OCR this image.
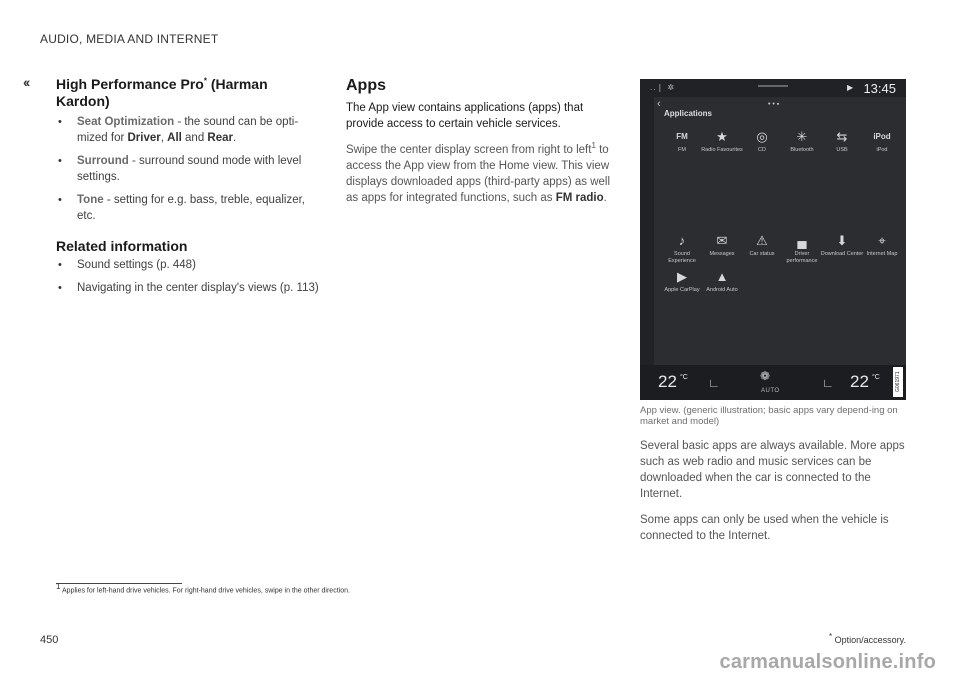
AUDIO, MEDIA AND INTERNET
‹‹ High Performance Pro* (Harman Kardon)
• Seat Optimization - the sound can be opti-mized for Driver, All and Rear.
• Surround - surround sound mode with level settings.
• Tone - setting for e.g. bass, treble, equalizer, etc.
Related information
• Sound settings (p. 448)
• Navigating in the center display's views (p. 113)
Apps

The App view contains applications (apps) that provide access to certain vehicle services.

Swipe the center display screen from right to left$^1$ to access the App view from the Home view. This view displays downloaded apps (third-party apps) as well as apps for integrated functions, such as FM radio.

..❘ ✲	▶ 13:45
‹	• • ▪
Applications
FM
FM
★
Radio Favourites
◎
CD
✳
Bluetooth
⇆
USB
iPod
iPod
♪
Sound Experience
✉
Messages
⚠
Car status
▄
Driver performance
⬇
Download Center
⌖
Internet Map
▶
Apple CarPlay
▲
Android Auto
22 °C ∟	❁
AUTO
∟ 22 °C	G061971
App view. (generic illustration; basic apps vary depend-ing on market and model)

Several basic apps are always available. More apps such as web radio and music services can be downloaded when the car is connected to the Internet.

Some apps can only be used when the vehicle is connected to the Internet.

$^1$ Applies for left-hand drive vehicles. For right-hand drive vehicles, swipe in the other direction.
450	* Option/accessory.
carmanualsonline.info
